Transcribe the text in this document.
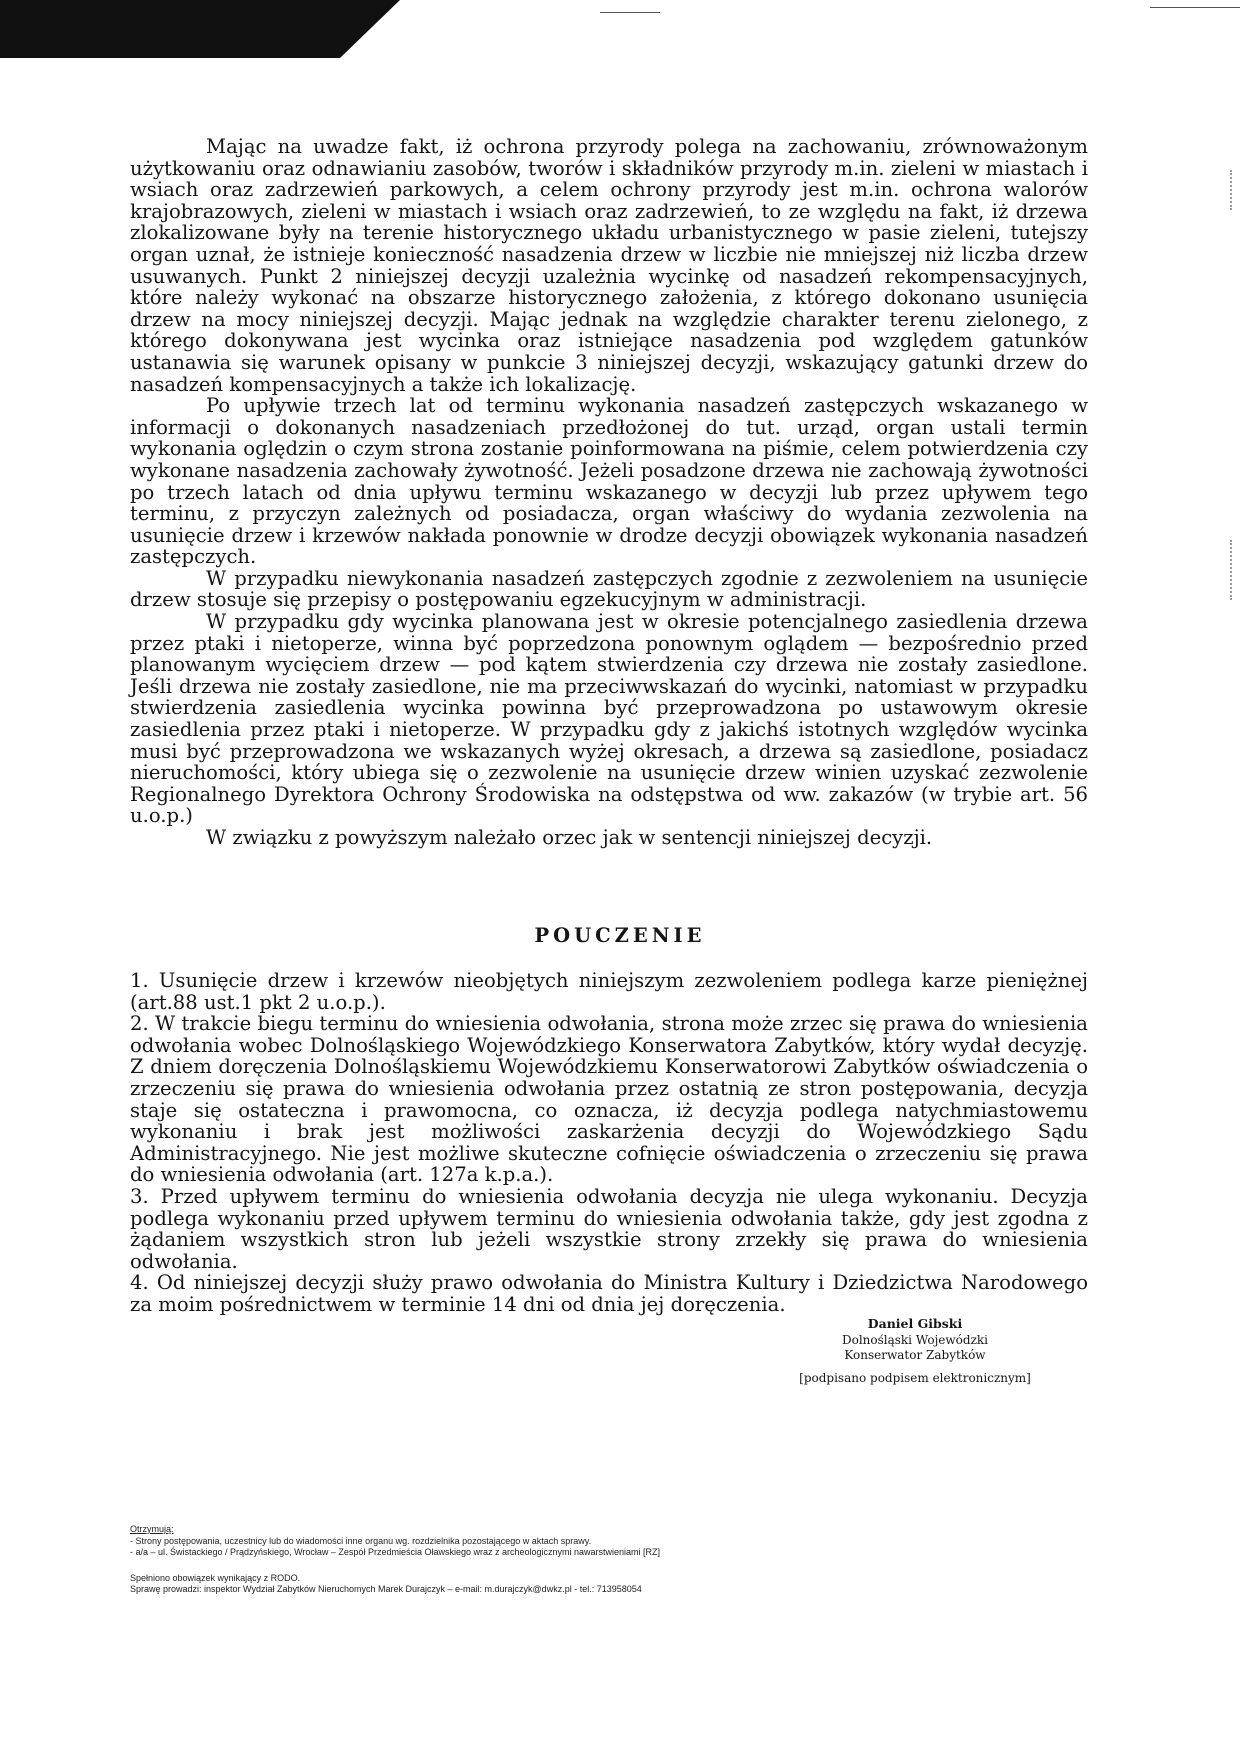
Mając na uwadze fakt, iż ochrona przyrody polega na zachowaniu, zrównoważonym użytkowaniu oraz odnawianiu zasobów, tworów i składników przyrody m.in. zieleni w miastach i wsiach oraz zadrzewień parkowych, a celem ochrony przyrody jest m.in. ochrona walorów krajobrazowych, zieleni w miastach i wsiach oraz zadrzewień, to ze względu na fakt, iż drzewa zlokalizowane były na terenie historycznego układu urbanistycznego w pasie zieleni, tutejszy organ uznał, że istnieje konieczność nasadzenia drzew w liczbie nie mniejszej niż liczba drzew usuwanych. Punkt 2 niniejszej decyzji uzależnia wycinkę od nasadzeń rekompensacyjnych, które należy wykonać na obszarze historycznego założenia, z którego dokonano usunięcia drzew na mocy niniejszej decyzji. Mając jednak na względzie charakter terenu zielonego, z którego dokonywana jest wycinka oraz istniejące nasadzenia pod względem gatunków ustanawia się warunek opisany w punkcie 3 niniejszej decyzji, wskazujący gatunki drzew do nasadzeń kompensacyjnych a także ich lokalizację.

Po upływie trzech lat od terminu wykonania nasadzeń zastępczych wskazanego w informacji o dokonanych nasadzeniach przedłożonej do tut. urząd, organ ustali termin wykonania oględzin o czym strona zostanie poinformowana na piśmie, celem potwierdzenia czy wykonane nasadzenia zachowały żywotność. Jeżeli posadzone drzewa nie zachowają żywotności po trzech latach od dnia upływu terminu wskazanego w decyzji lub przez upływem tego terminu, z przyczyn zależnych od posiadacza, organ właściwy do wydania zezwolenia na usunięcie drzew i krzewów nakłada ponownie w drodze decyzji obowiązek wykonania nasadzeń zastępczych.

W przypadku niewykonania nasadzeń zastępczych zgodnie z zezwoleniem na usunięcie drzew stosuje się przepisy o postępowaniu egzekucyjnym w administracji.

W przypadku gdy wycinka planowana jest w okresie potencjalnego zasiedlenia drzewa przez ptaki i nietoperze, winna być poprzedzona ponownym oglądem — bezpośrednio przed planowanym wycięciem drzew — pod kątem stwierdzenia czy drzewa nie zostały zasiedlone. Jeśli drzewa nie zostały zasiedlone, nie ma przeciwwskazań do wycinki, natomiast w przypadku stwierdzenia zasiedlenia wycinka powinna być przeprowadzona po ustawowym okresie zasiedlenia przez ptaki i nietoperze. W przypadku gdy z jakichś istotnych względów wycinka musi być przeprowadzona we wskazanych wyżej okresach, a drzewa są zasiedlone, posiadacz nieruchomości, który ubiega się o zezwolenie na usunięcie drzew winien uzyskać zezwolenie Regionalnego Dyrektora Ochrony Środowiska na odstępstwa od ww. zakazów (w trybie art. 56 u.o.p.)

W związku z powyższym należało orzec jak w sentencji niniejszej decyzji.

POUCZENIE

1. Usunięcie drzew i krzewów nieobjętych niniejszym zezwoleniem podlega karze pieniężnej (art.88 ust.1 pkt 2 u.o.p.).

2. W trakcie biegu terminu do wniesienia odwołania, strona może zrzec się prawa do wniesienia odwołania wobec Dolnośląskiego Wojewódzkiego Konserwatora Zabytków, który wydał decyzję. Z dniem doręczenia Dolnośląskiemu Wojewódzkiemu Konserwatorowi Zabytków oświadczenia o zrzeczeniu się prawa do wniesienia odwołania przez ostatnią ze stron postępowania, decyzja staje się ostateczna i prawomocna, co oznacza, iż decyzja podlega natychmiastowemu wykonaniu i brak jest możliwości zaskarżenia decyzji do Wojewódzkiego Sądu Administracyjnego. Nie jest możliwe skuteczne cofnięcie oświadczenia o zrzeczeniu się prawa do wniesienia odwołania (art. 127a k.p.a.).

3. Przed upływem terminu do wniesienia odwołania decyzja nie ulega wykonaniu. Decyzja podlega wykonaniu przed upływem terminu do wniesienia odwołania także, gdy jest zgodna z żądaniem wszystkich stron lub jeżeli wszystkie strony zrzekły się prawa do wniesienia odwołania.

4. Od niniejszej decyzji służy prawo odwołania do Ministra Kultury i Dziedzictwa Narodowego za moim pośrednictwem w terminie 14 dni od dnia jej doręczenia.

Daniel Gibski
Dolnośląski Wojewódzki
Konserwator Zabytków
[podpisano podpisem elektronicznym]
Otrzymują:
- Strony postępowania, uczestnicy lub do wiadomości inne organu wg. rozdzielnika pozostającego w aktach sprawy.
- a/a – ul. Świstackiego / Prądzyńskiego, Wrocław – Zespół Przedmieścia Oławskiego wraz z archeologicznymi nawarstwieniami [RZ]
Spełniono obowiązek wynikający z RODO.
Sprawę prowadzi: inspektor Wydział Zabytków Nieruchomych Marek Durajczyk – e-mail: m.durajczyk@dwkz.pl - tel.: 713958054
